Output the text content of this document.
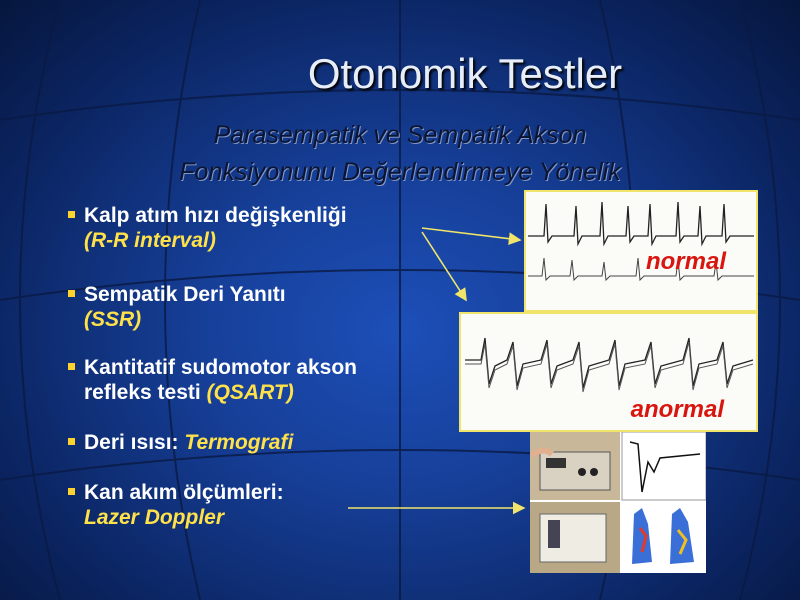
Otonomik Testler
Parasempatik ve Sempatik Akson
Fonksiyonunu Değerlendirmeye Yönelik
Kalp atım hızı değişkenliği
(R-R interval)
Sempatik Deri Yanıtı
(SSR)
Kantitatif sudomotor akson
refleks testi (QSART)
Deri ısısı: Termografi
Kan akım ölçümleri:
Lazer Doppler
normal
anormal
